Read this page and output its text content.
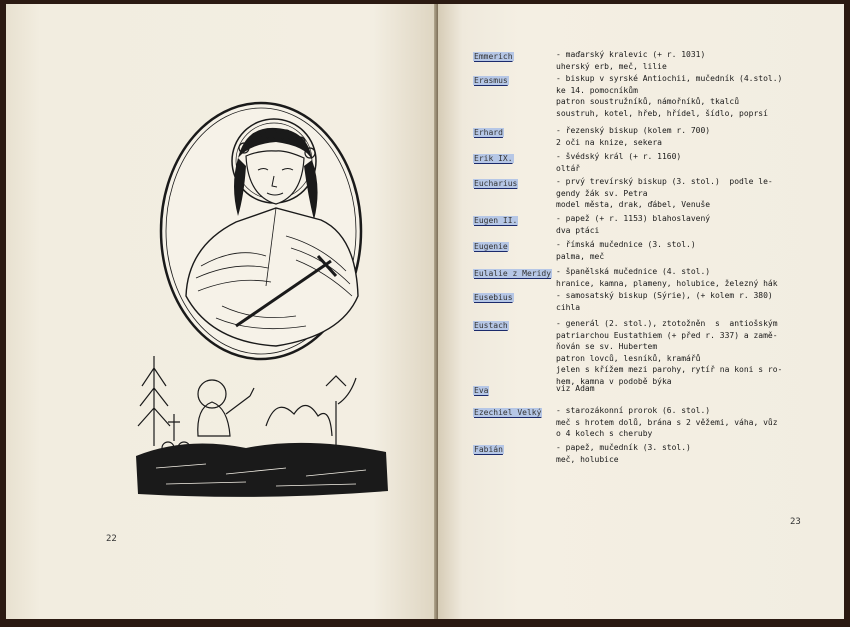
22
23
Emmerich	- maďarský kralevic (+ r. 1031)
uherský erb, meč, lilie
Erasmus	- biskup v syrské Antiochii, mučedník (4.stol.)
ke 14. pomocníkům
patron soustružníků, námořníků, tkalců
soustruh, kotel, hřeb, hřídel, šídlo, poprsí
Erhard	- řezenský biskup (kolem r. 700)
2 oči na knize, sekera
Erik IX.	- švédský král (+ r. 1160)
oltář
Eucharius	- prvý trevírský biskup (3. stol.)  podle le-
gendy žák sv. Petra
model města, drak, ďábel, Venuše
Eugen II.	- papež (+ r. 1153) blahoslavený
dva ptáci
Eugenie	- římská mučednice (3. stol.)
palma, meč
Eulalie z Meridy - španělská mučednice (4. stol.)
hranice, kamna, plameny, holubice, železný hák
Eusebius	- samosatský biskup (Sýrie), (+ kolem r. 380)
cihla
Eustach	- generál (2. stol.), ztotožněn  s  antiošským
patriarchou Eustathiem (+ před r. 337) a zamě-
ňován se sv. Hubertem
patron lovců, lesníků, kramářů
jelen s křížem mezi parohy, rytíř na koni s ro-
hem, kamna v podobě býka
Eva	viz Adam
Ezechiel Velký - starozákonní prorok (6. stol.)
meč s hrotem dolů, brána s 2 věžemi, váha, vůz
o 4 kolech s cheruby
Fabián	- papež, mučedník (3. stol.)
meč, holubice
